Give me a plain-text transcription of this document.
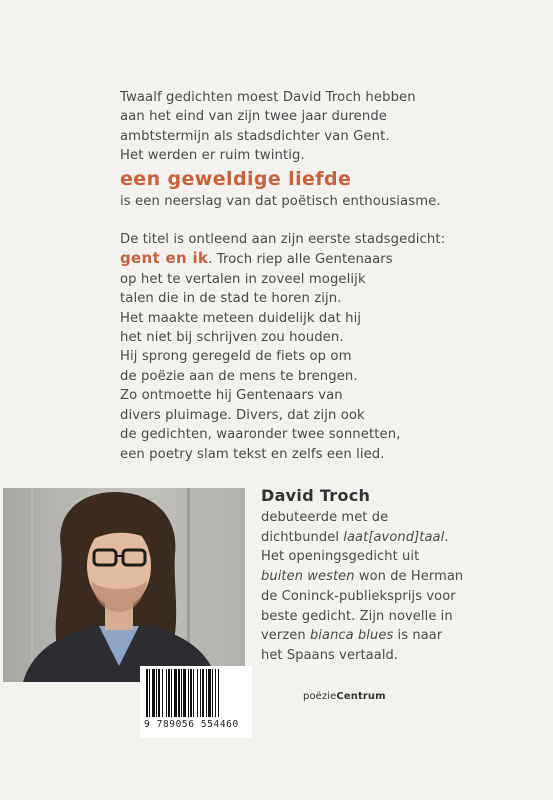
Twaalf gedichten moest David Troch hebben
aan het eind van zijn twee jaar durende
ambtstermijn als stadsdichter van Gent.
Het werden er ruim twintig.
een geweldige liefde
is een neerslag van dat poëtisch enthousiasme.
De titel is ontleend aan zijn eerste stadsgedicht:
gent en ik. Troch riep alle Gentenaars
op het te vertalen in zoveel mogelijk
talen die in de stad te horen zijn.
Het maakte meteen duidelijk dat hij
het niet bij schrijven zou houden.
Hij sprong geregeld de fiets op om
de poëzie aan de mens te brengen.
Zo ontmoette hij Gentenaars van
divers pluimage. Divers, dat zijn ook
de gedichten, waaronder twee sonnetten,
een poetry slam tekst en zelfs een lied.
David Troch
debuteerde met de
dichtbundel laat[avond]taal.
Het openingsgedicht uit
buiten westen won de Herman
de Coninck-publieksprijs voor
beste gedicht. Zijn novelle in
verzen bianca blues is naar
het Spaans vertaald.
9 789056 554460
poëzieCentrum
